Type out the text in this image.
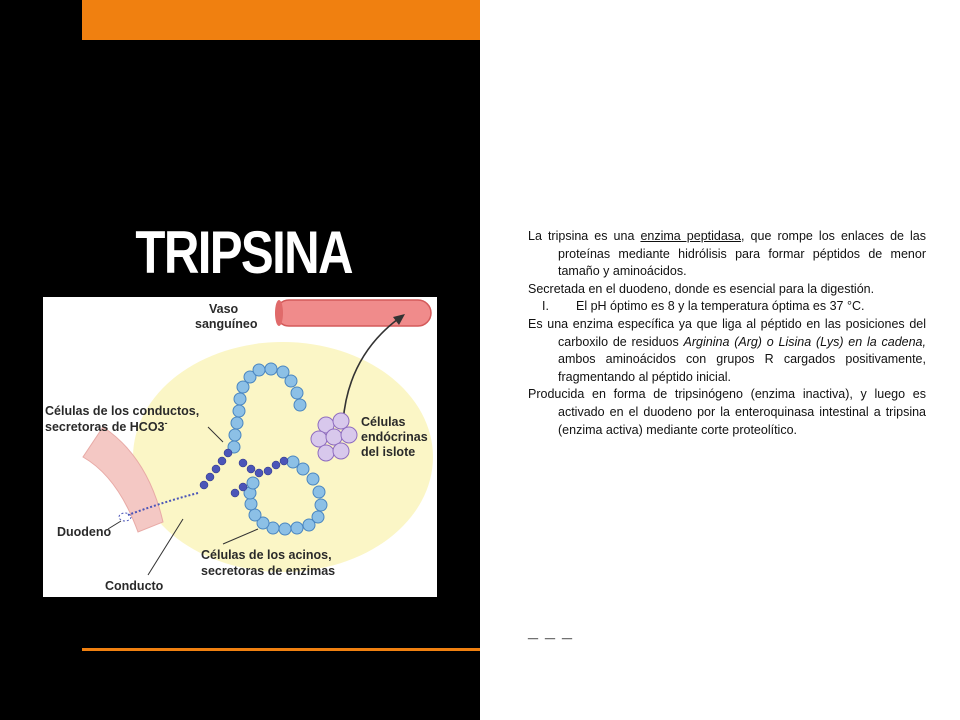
TRIPSINA
Vaso
sanguíneo
Células de los conductos,
secretoras de HCO3-	Células
endócrinas
del islote
Duodeno
Células de los acinos,
secretoras de enzimas
Conducto

La tripsina es una enzima peptidasa, que rompe los enlaces de las proteínas mediante hidrólisis para formar péptidos de menor tamaño y aminoácidos.

Secretada en el duodeno, donde es esencial para la digestión.

I. El pH óptimo es 8 y la temperatura óptima es 37 °C.

Es una enzima específica ya que liga al péptido en las posiciones del carboxilo de residuos Arginina (Arg) o Lisina (Lys) en la cadena, ambos aminoácidos con grupos R cargados positivamente, fragmentando al péptido inicial.

Producida en forma de tripsinógeno (enzima inactiva), y luego es activado en el duodeno por la enteroquinasa intestinal a tripsina (enzima activa) mediante corte proteolítico.

_ _ _
